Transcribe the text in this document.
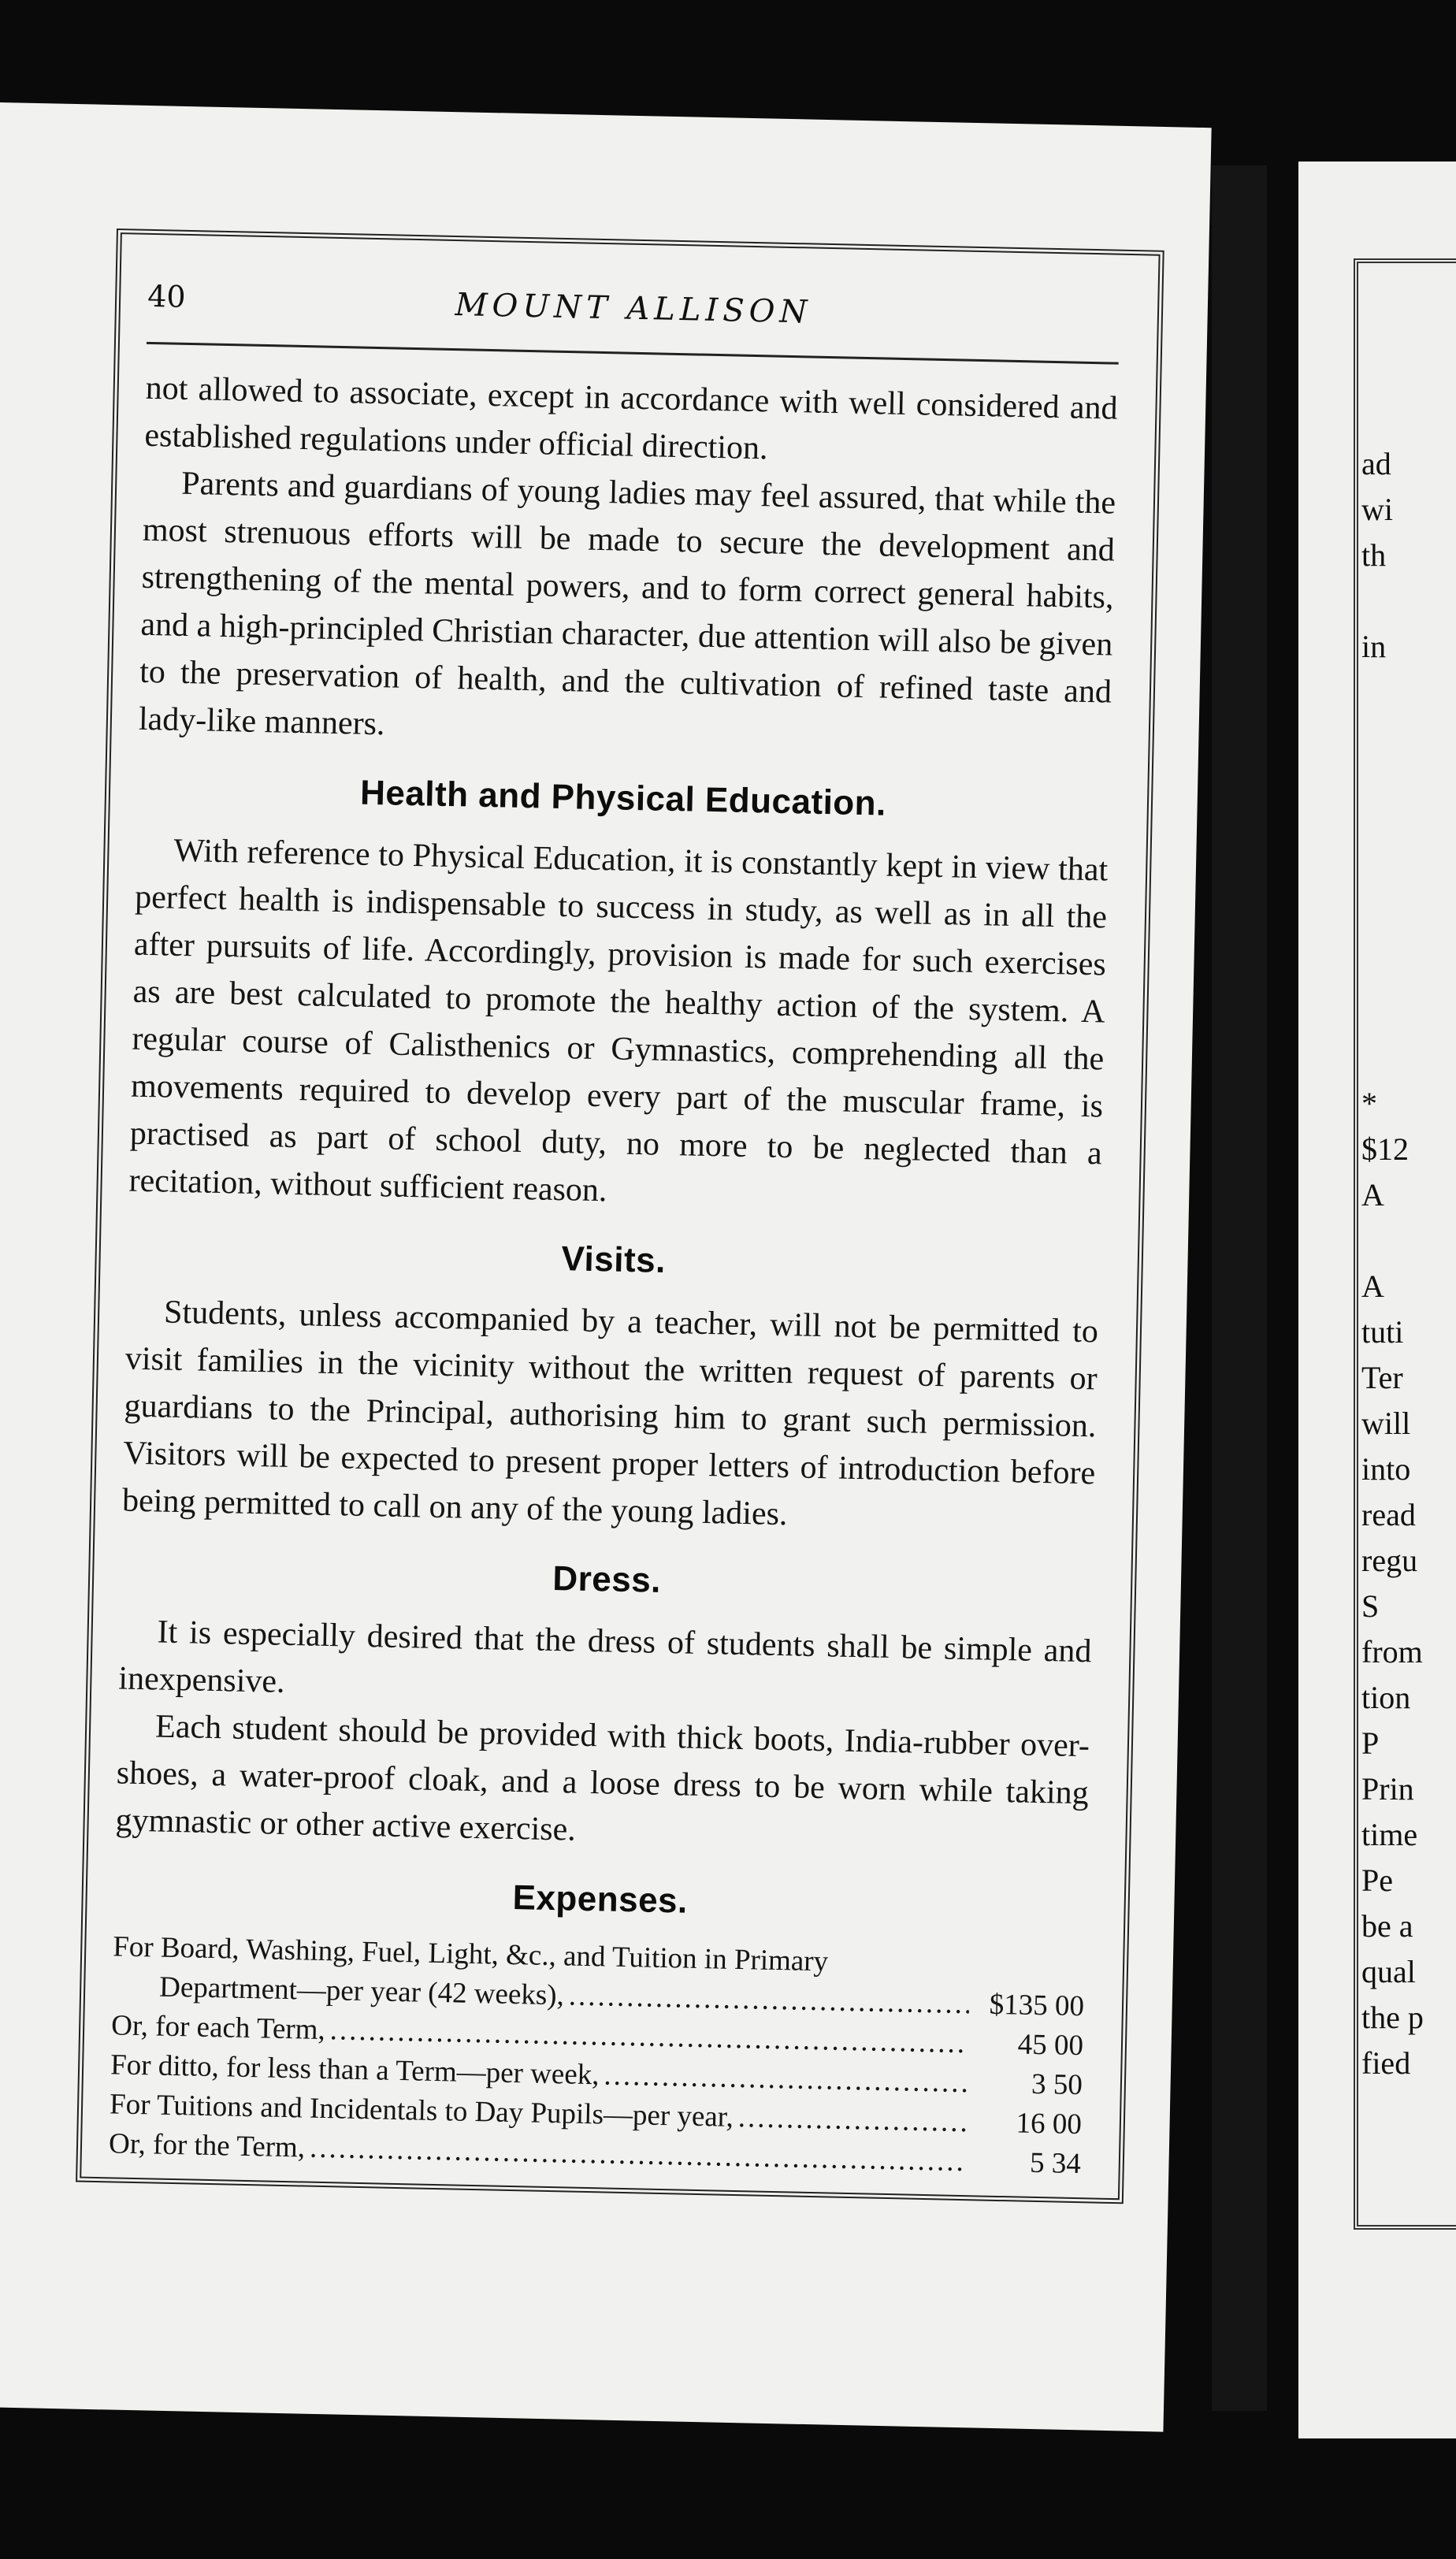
ad
wi
th
in
*
$12
A
A
tuti
Ter
will
into
read
regu
S
from
tion
P
Prin
time
Pe
be a
qual
the p
fied
40	MOUNT ALLISON

not allowed to associate, except in accordance with well considered and established regulations under official direction.

Parents and guardians of young ladies may feel assured, that while the most strenuous efforts will be made to secure the development and strengthening of the mental powers, and to form correct general habits, and a high-principled Christian character, due attention will also be given to the preservation of health, and the cultivation of refined taste and lady-like manners.

Health and Physical Education.

With reference to Physical Education, it is constantly kept in view that perfect health is indispensable to success in study, as well as in all the after pursuits of life. Accordingly, provision is made for such exercises as are best calculated to promote the healthy action of the system. A regular course of Calisthenics or Gymnastics, comprehending all the movements required to develop every part of the muscular frame, is practised as part of school duty, no more to be neglected than a recitation, without sufficient reason.

Visits.

Students, unless accompanied by a teacher, will not be permitted to visit families in the vicinity without the written request of parents or guardians to the Principal, authorising him to grant such permission. Visitors will be expected to present proper letters of introduction before being permitted to call on any of the young ladies.

Dress.

It is especially desired that the dress of students shall be simple and inexpensive.

Each student should be provided with thick boots, India-rubber over-shoes, a water-proof cloak, and a loose dress to be worn while taking gymnastic or other active exercise.

Expenses.
For Board, Washing, Fuel, Light, &c., and Tuition in Primary
Department—per year (42 weeks), .....	$135 00
Or, for each Term, .....	45 00
For ditto, for less than a Term—per week, .....	3 50
For Tuitions and Incidentals to Day Pupils—per year, .....	16 00
Or, for the Term, .....	5 34
